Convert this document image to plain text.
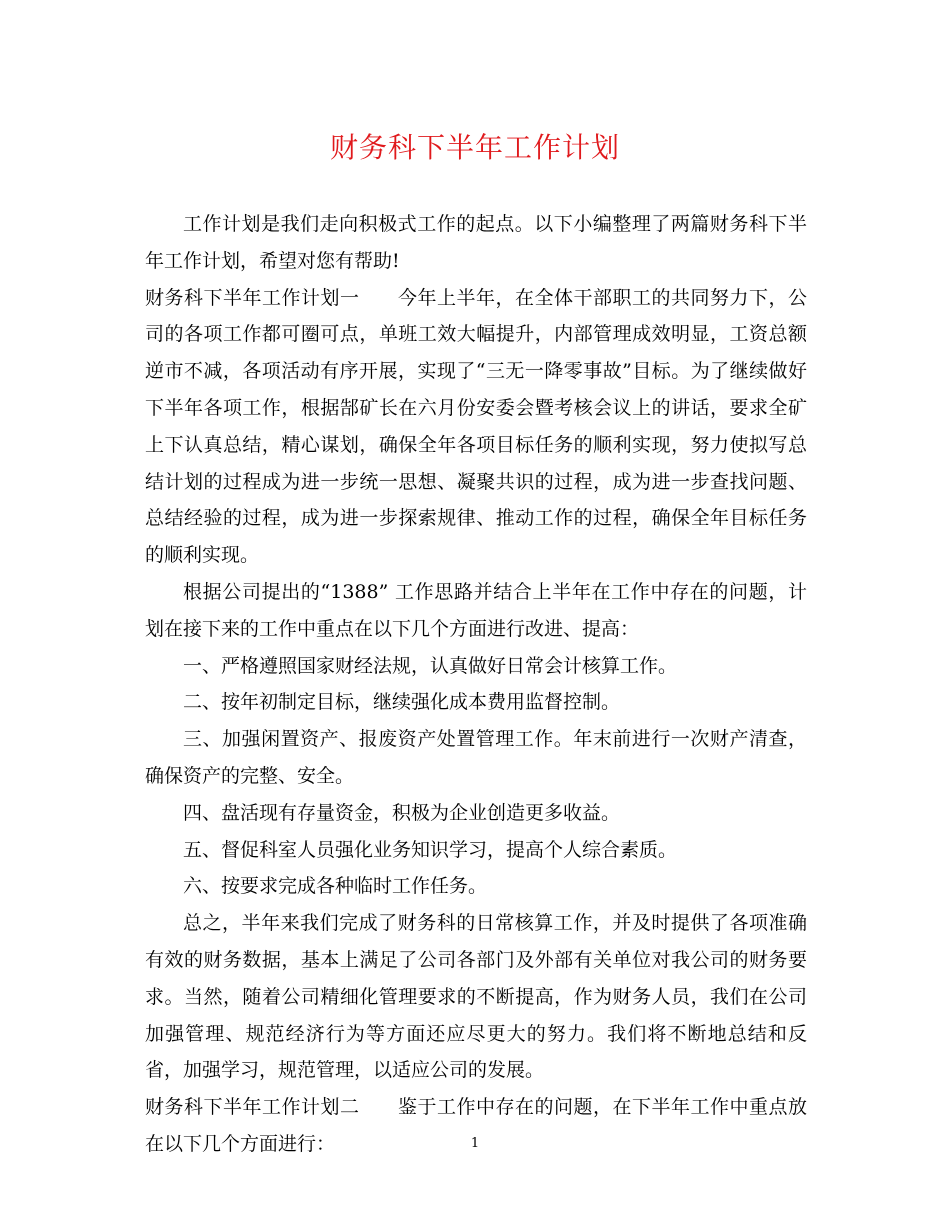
财务科下半年工作计划

工作计划是我们走向积极式工作的起点。以下小编整理了两篇财务科下半年工作计划，希望对您有帮助!

财务科下半年工作计划一 今年上半年，在全体干部职工的共同努力下，公司的各项工作都可圈可点，单班工效大幅提升，内部管理成效明显，工资总额逆市不减，各项活动有序开展，实现了“三无一降零事故”目标。为了继续做好下半年各项工作，根据郜矿长在六月份安委会暨考核会议上的讲话，要求全矿上下认真总结，精心谋划，确保全年各项目标任务的顺利实现，努力使拟写总结计划的过程成为进一步统一思想、凝聚共识的过程，成为进一步查找问题、总结经验的过程，成为进一步探索规律、推动工作的过程，确保全年目标任务的顺利实现。

根据公司提出的“1388” 工作思路并结合上半年在工作中存在的问题，计划在接下来的工作中重点在以下几个方面进行改进、提高：

一、严格遵照国家财经法规，认真做好日常会计核算工作。

二、按年初制定目标，继续强化成本费用监督控制。

三、加强闲置资产、报废资产处置管理工作。年末前进行一次财产清查，确保资产的完整、安全。

四、盘活现有存量资金，积极为企业创造更多收益。

五、督促科室人员强化业务知识学习，提高个人综合素质。

六、按要求完成各种临时工作任务。

总之，半年来我们完成了财务科的日常核算工作，并及时提供了各项准确有效的财务数据，基本上满足了公司各部门及外部有关单位对我公司的财务要求。当然，随着公司精细化管理要求的不断提高，作为财务人员，我们在公司加强管理、规范经济行为等方面还应尽更大的努力。我们将不断地总结和反省，加强学习，规范管理，以适应公司的发展。

财务科下半年工作计划二 鉴于工作中存在的问题，在下半年工作中重点放在以下几个方面进行：	1
